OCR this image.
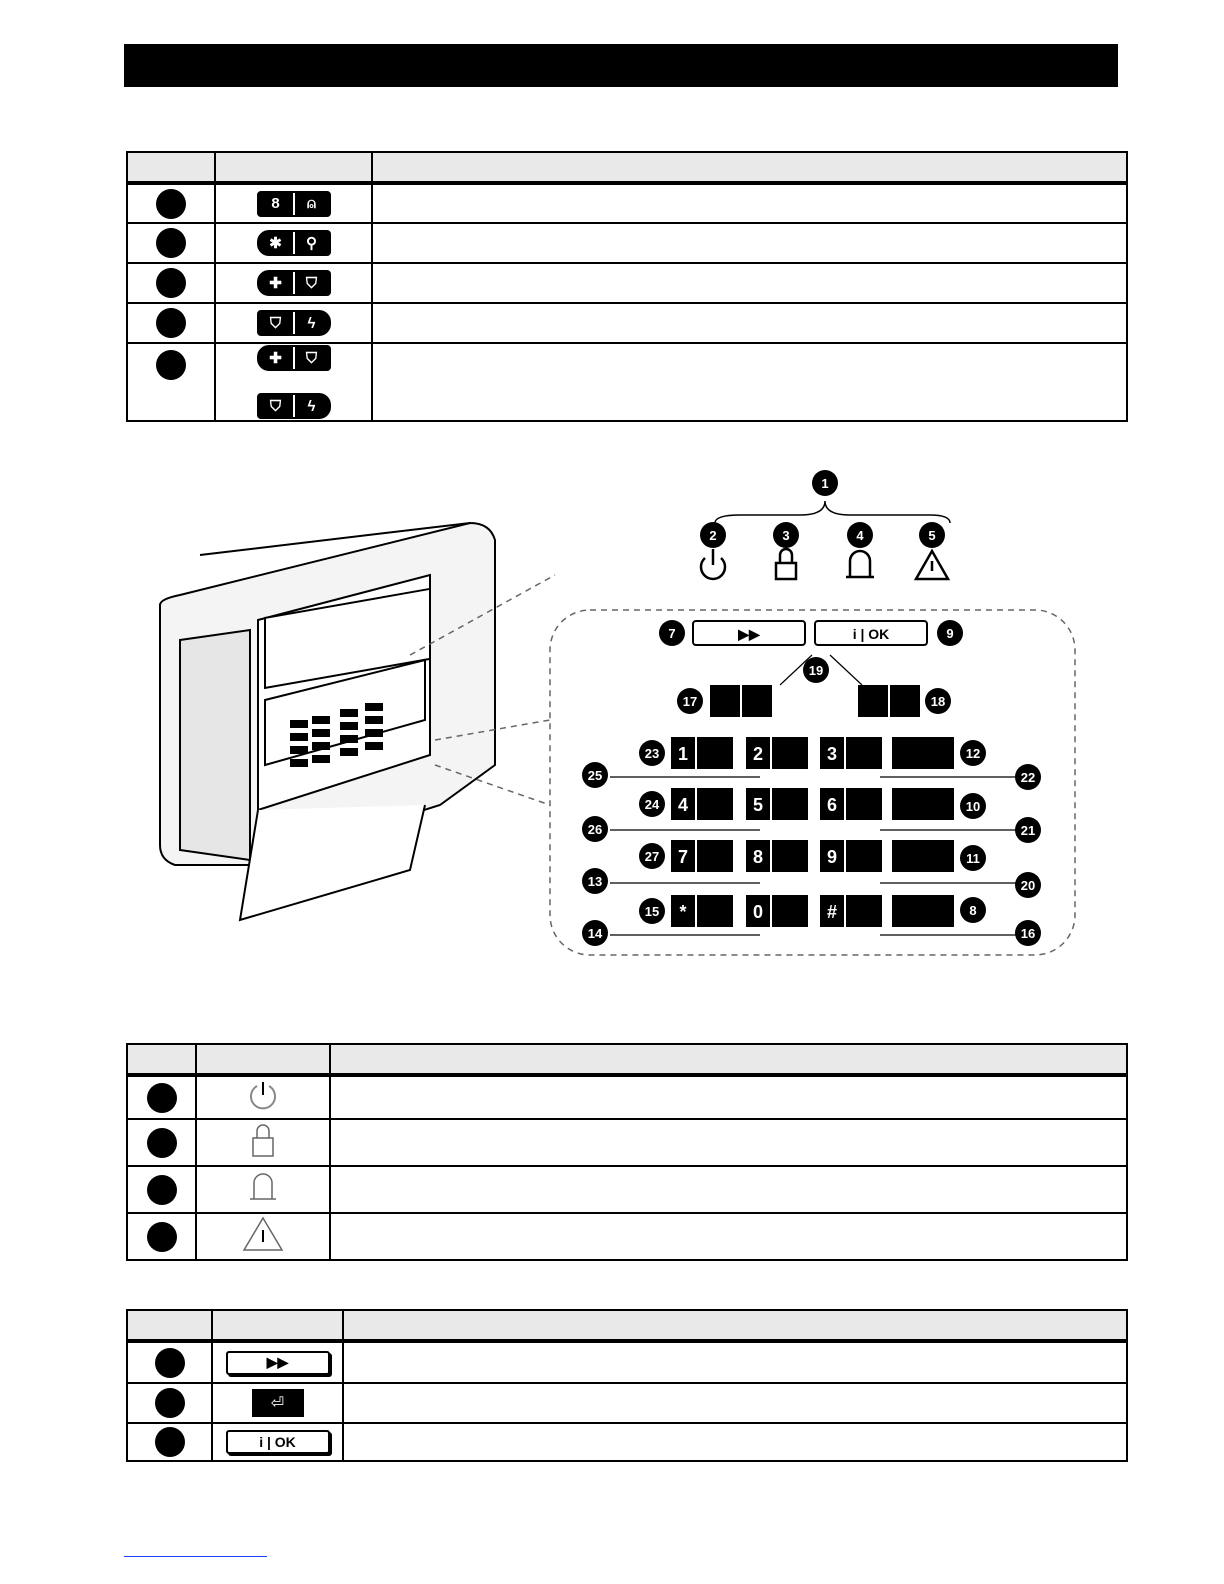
8 ⍝	

✱ ⚲	

✚ ⛉	

⛉ ϟ	

✚ ⛉
⛉ ϟ	

▶▶	i | OK
1	2	3
4	5	6
7	8	9
*	0	#
1
2	3	4	5
7	9
17
19
18
23	12
25	22
24	10
26	21
27	11
13	20
15	8
14	16

	▶▶	

	⏎	

	i | OK	
